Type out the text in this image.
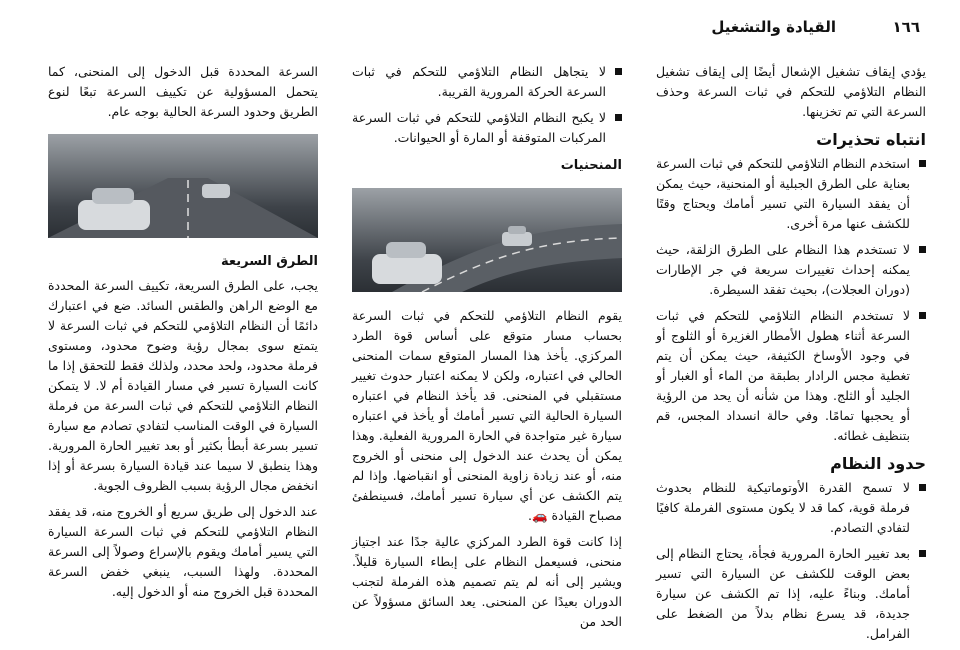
١٦٦
القيادة والتشغيل

يؤدي إيقاف تشغيل الإشعال أيضًا إلى إيقاف تشغيل النظام التلاؤمي للتحكم في ثبات السرعة وحذف السرعة التي تم تخزينها.

انتباه تحذيرات
استخدم النظام التلاؤمي للتحكم في ثبات السرعة بعناية على الطرق الجبلية أو المنحنية، حيث يمكن أن يفقد السيارة التي تسير أمامك ويحتاج وقتًا للكشف عنها مرة أخرى.
لا تستخدم هذا النظام على الطرق الزلقة، حيث يمكنه إحداث تغييرات سريعة في جر الإطارات (دوران العجلات)، بحيث تفقد السيطرة.
لا تستخدم النظام التلاؤمي للتحكم في ثبات السرعة أثناء هطول الأمطار الغزيرة أو الثلوج أو في وجود الأوساخ الكثيفة، حيث يمكن أن يتم تغطية مجس الرادار بطبقة من الماء أو الغبار أو الجليد أو الثلج. وهذا من شأنه أن يحد من الرؤية أو يحجبها تمامًا. وفي حالة انسداد المجس، قم بتنظيف غطائه.
حدود النظام
لا تسمح القدرة الأوتوماتيكية للنظام بحدوث فرملة قوية، كما قد لا يكون مستوى الفرملة كافيًا لتفادي التصادم.
بعد تغيير الحارة المرورية فجأة، يحتاج النظام إلى بعض الوقت للكشف عن السيارة التي تسير أمامك. وبناءً عليه، إذا تم الكشف عن سيارة جديدة، قد يسرع نظام بدلاً من الضغط على الفرامل.
لا يتجاهل النظام التلاؤمي للتحكم في ثبات السرعة الحركة المرورية القريبة.
لا يكبح النظام التلاؤمي للتحكم في ثبات السرعة المركبات المتوقفة أو المارة أو الحيوانات.
المنحنيات

يقوم النظام التلاؤمي للتحكم في ثبات السرعة بحساب مسار متوقع على أساس قوة الطرد المركزي. يأخذ هذا المسار المتوقع سمات المنحنى الحالي في اعتباره، ولكن لا يمكنه اعتبار حدوث تغيير مستقبلي في المنحنى. قد يأخذ النظام في اعتباره السيارة الحالية التي تسير أمامك أو يأخذ في اعتباره سيارة غير متواجدة في الحارة المرورية الفعلية. وهذا يمكن أن يحدث عند الدخول إلى منحنى أو الخروج منه، أو عند زيادة زاوية المنحنى أو انقباضها. وإذا لم يتم الكشف عن أي سيارة تسير أمامك، فسينطفئ مصباح القيادة 🚗.

إذا كانت قوة الطرد المركزي عالية جدًا عند اجتياز منحنى، فسيعمل النظام على إبطاء السيارة قليلاً. ويشير إلى أنه لم يتم تصميم هذه الفرملة لتجنب الدوران بعيدًا عن المنحنى. يعد السائق مسؤولاً عن الحد من

السرعة المحددة قبل الدخول إلى المنحنى، كما يتحمل المسؤولية عن تكييف السرعة تبعًا لنوع الطريق وحدود السرعة الحالية بوجه عام.

الطرق السريعة

يجب، على الطرق السريعة، تكييف السرعة المحددة مع الوضع الراهن والطقس السائد. ضع في اعتبارك دائمًا أن النظام التلاؤمي للتحكم في ثبات السرعة لا يتمتع سوى بمجال رؤية وضوح محدود، ومستوى فرملة محدود، ولحد محدد، ولذلك فقط للتحقق إذا ما كانت السيارة تسير في مسار القيادة أم لا. لا يتمكن النظام التلاؤمي للتحكم في ثبات السرعة من فرملة السيارة في الوقت المناسب لتفادي تصادم مع سيارة تسير بسرعة أبطأ بكثير أو بعد تغيير الحارة المرورية. وهذا ينطبق لا سيما عند قيادة السيارة بسرعة أو إذا انخفض مجال الرؤية بسبب الظروف الجوية.

عند الدخول إلى طريق سريع أو الخروج منه، قد يفقد النظام التلاؤمي للتحكم في ثبات السرعة السيارة التي يسير أمامك ويقوم بالإسراع وصولاً إلى السرعة المحددة. ولهذا السبب، ينبغي خفض السرعة المحددة قبل الخروج منه أو الدخول إليه.
